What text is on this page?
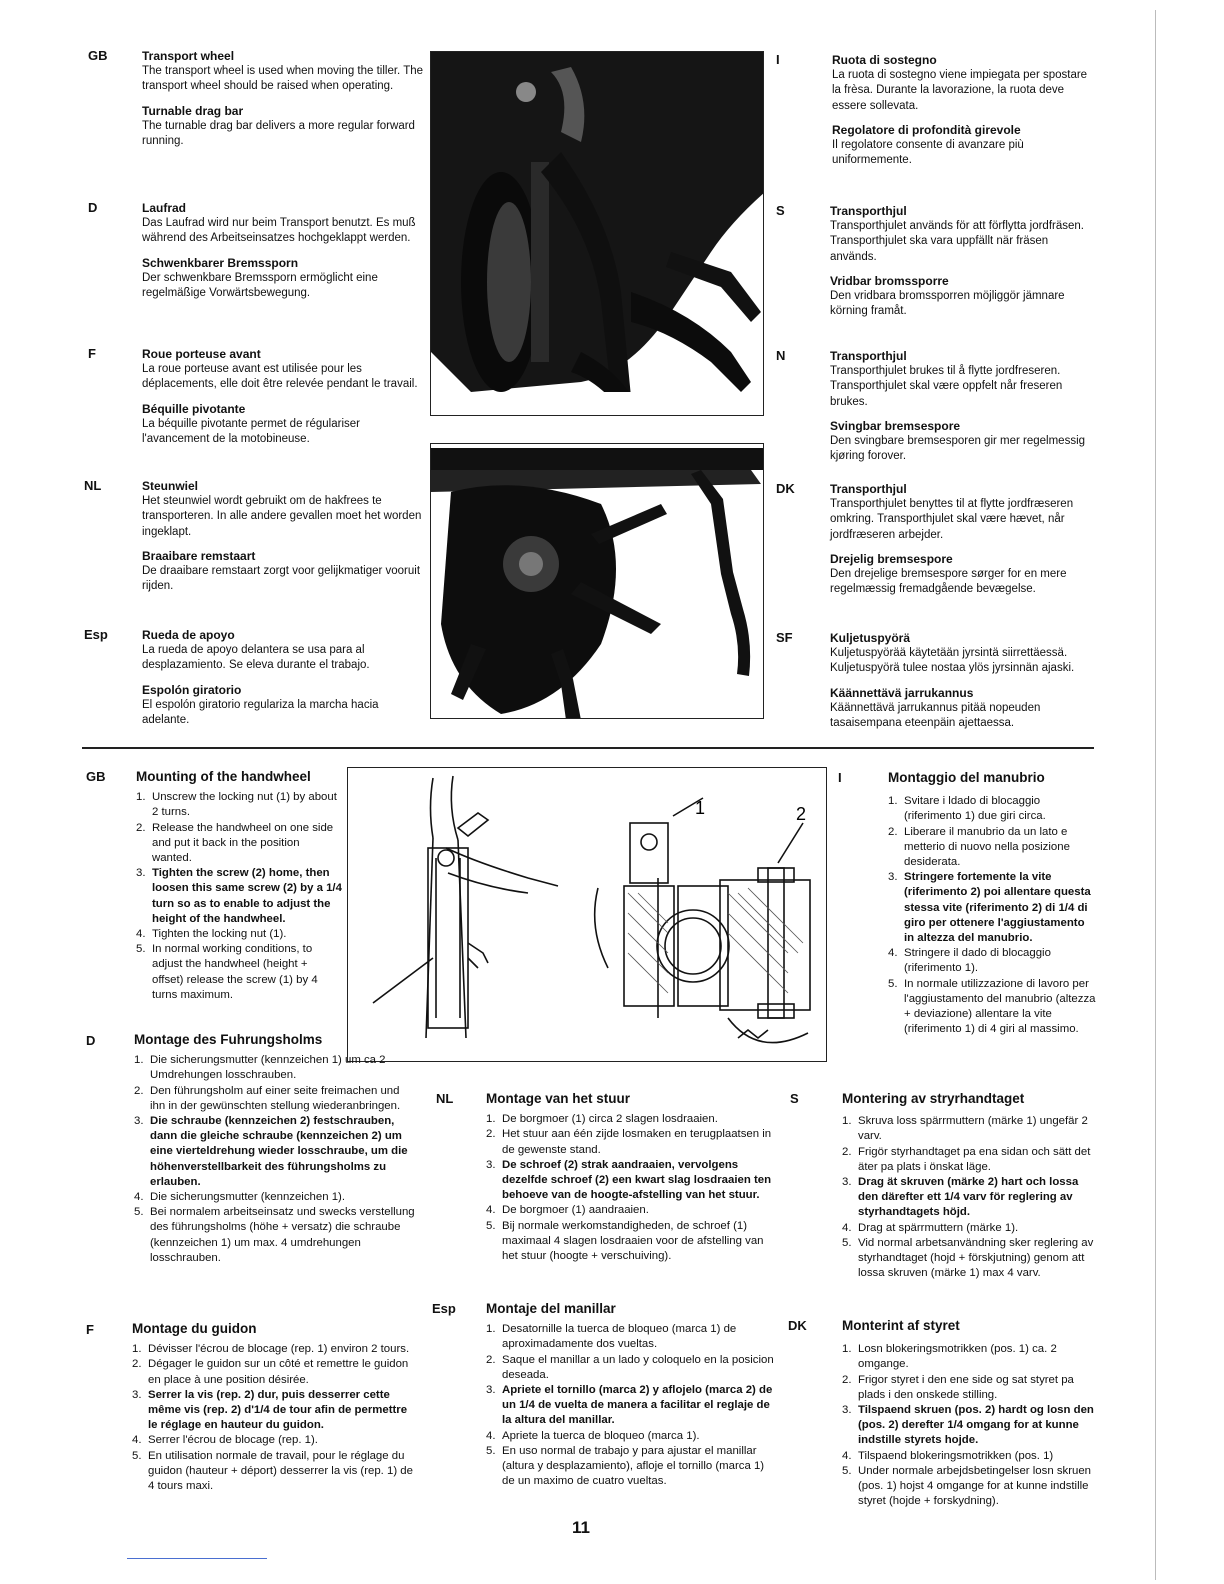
GB	Transport wheel
The transport wheel is used when moving the tiller. The transport wheel should be raised when operating.
Turnable drag bar
The turnable drag bar delivers a more regular forward running.
D	Laufrad
Das Laufrad wird nur beim Transport benutzt. Es muß während des Arbeitseinsatzes hochgeklappt werden.
Schwenkbarer Bremssporn
Der schwenkbare Bremssporn ermöglicht eine regelmäßige Vorwärtsbewegung.
F	Roue porteuse avant
La roue porteuse avant est utilisée pour les déplacements, elle doit être relevée pendant le travail.
Béquille pivotante
La béquille pivotante permet de régulariser l'avancement de la motobineuse.
NL	Steunwiel
Het steunwiel wordt gebruikt om de hakfrees te transporteren. In alle andere gevallen moet het worden ingeklapt.
Braaibare remstaart
De draaibare remstaart zorgt voor gelijkmatiger vooruit rijden.
Esp	Rueda de apoyo
La rueda de apoyo delantera se usa para al desplazamiento. Se eleva durante el trabajo.
Espolón giratorio
El espolón giratorio regulariza la marcha hacia adelante.
I	Ruota di sostegno
La ruota di sostegno viene impiegata per spostare la frèsa. Durante la lavorazione, la ruota deve essere sollevata.
Regolatore di profondità girevole
Il regolatore consente di avanzare più uniformemente.
S	Transporthjul
Transporthjulet används för att förflytta jordfräsen. Transporthjulet ska vara uppfällt när fräsen används.
Vridbar bromssporre
Den vridbara bromssporren möjliggör jämnare körning framåt.
N	Transporthjul
Transporthjulet brukes til å flytte jordfreseren. Transporthjulet skal være oppfelt når freseren brukes.
Svingbar bremsespore
Den svingbare bremsesporen gir mer regelmessig kjøring forover.
DK	Transporthjul
Transporthjulet benyttes til at flytte jordfræseren omkring. Transporthjulet skal være hævet, når jordfræseren arbejder.
Drejelig bremsespore
Den drejelige bremsespore sørger for en mere regelmæssig fremadgående bevægelse.
SF	Kuljetuspyörä
Kuljetuspyörää käytetään jyrsintä siirrettäessä. Kuljetuspyörä tulee nostaa ylös jyrsinnän ajaski.
Käännettävä jarrukannus
Käännettävä jarrukannus pitää nopeuden tasaisempana eteenpäin ajettaessa.
1	2
GB Mounting of the handwheel
1. Unscrew the locking nut (1) by about 2 turns.
2. Release the handwheel on one side and put it back in the position wanted.
3. Tighten the screw (2) home, then loosen this same screw (2) by a 1/4 turn so as to enable to adjust the height of the handwheel.
4. Tighten the locking nut (1).
5. In normal working conditions, to adjust the handwheel (height + offset) release the screw (1) by 4 turns maximum.
D	Montage des Fuhrungsholms
1. Die sicherungsmutter (kennzeichen 1) um ca 2 Umdrehungen losschrauben.
2. Den führungsholm auf einer seite freimachen und ihn in der gewünschten stellung wiederanbringen.
3. Die schraube (kennzeichen 2) festschrauben, dann die gleiche schraube (kennzeichen 2) um eine vierteldrehung wieder losschraube, um die höhenverstellbarkeit des führungsholms zu erlauben.
4. Die sicherungsmutter (kennzeichen 1).
5. Bei normalem arbeitseinsatz und swecks verstellung des führungsholms (höhe + versatz) die schraube (kennzeichen 1) um max. 4 umdrehungen losschrauben.
F	Montage du guidon
1. Dévisser l'écrou de blocage (rep. 1) environ 2 tours.
2. Dégager le guidon sur un côté et remettre le guidon en place à une position désirée.
3. Serrer la vis (rep. 2) dur, puis desserrer cette même vis (rep. 2) d'1/4 de tour afin de permettre le réglage en hauteur du guidon.
4. Serrer l'écrou de blocage (rep. 1).
5. En utilisation normale de travail, pour le réglage du guidon (hauteur + déport) desserrer la vis (rep. 1) de 4 tours maxi.
NL Montage van het stuur
1. De borgmoer (1) circa 2 slagen losdraaien.
2. Het stuur aan één zijde losmaken en terugplaatsen in de gewenste stand.
3. De schroef (2) strak aandraaien, vervolgens dezelfde schroef (2) een kwart slag losdraaien ten behoeve van de hoogte-afstelling van het stuur.
4. De borgmoer (1) aandraaien.
5. Bij normale werkomstandigheden, de schroef (1) maximaal 4 slagen losdraaien voor de afstelling van het stuur (hoogte + verschuiving).
Esp Montaje del manillar
1. Desatornille la tuerca de bloqueo (marca 1) de aproximadamente dos vueltas.
2. Saque el manillar a un lado y coloquelo en la posicion deseada.
3. Apriete el tornillo (marca 2) y aflojelo (marca 2) de un 1/4 de vuelta de manera a facilitar el reglaje de la altura del manillar.
4. Apriete la tuerca de bloqueo (marca 1).
5. En uso normal de trabajo y para ajustar el manillar (altura y desplazamiento), afloje el tornillo (marca 1) de un maximo de cuatro vueltas.
I	Montaggio del manubrio
1. Svitare i ldado di blocaggio (riferimento 1) due giri circa.
2. Liberare il manubrio da un lato e metterio di nuovo nella posizione desiderata.
3. Stringere fortemente la vite (riferimento 2) poi allentare questa stessa vite (riferimento 2) di 1/4 di giro per ottenere l'aggiustamento in altezza del manubrio.
4. Stringere il dado di blocaggio (riferimento 1).
5. In normale utilizzazione di lavoro per l'aggiustamento del manubrio (altezza + deviazione) allentare la vite (riferimento 1) di 4 giri al massimo.
S	Montering av stryrhandtaget
1. Skruva loss spärrmuttern (märke 1) ungefär 2 varv.
2. Frigör styrhandtaget pa ena sidan och sätt det äter pa plats i önskat läge.
3. Drag ät skruven (märke 2) hart och lossa den därefter ett 1/4 varv för reglering av styrhandtagets höjd.
4. Drag at spärrmuttern (märke 1).
5. Vid normal arbetsanvändning sker reglering av styrhandtaget (hojd + förskjutning) genom att lossa skruven (märke 1) max 4 varv.
DK	Monterint af styret
1. Losn blokeringsmotrikken (pos. 1) ca. 2 omgange.
2. Frigor styret i den ene side og sat styret pa plads i den onskede stilling.
3. Tilspaend skruen (pos. 2) hardt og losn den (pos. 2) derefter 1/4 omgang for at kunne indstille styrets hojde.
4. Tilspaend blokeringsmotrikken (pos. 1)
5. Under normale arbejdsbetingelser losn skruen (pos. 1) hojst 4 omgange for at kunne indstille styret (hojde + forskydning).
11
